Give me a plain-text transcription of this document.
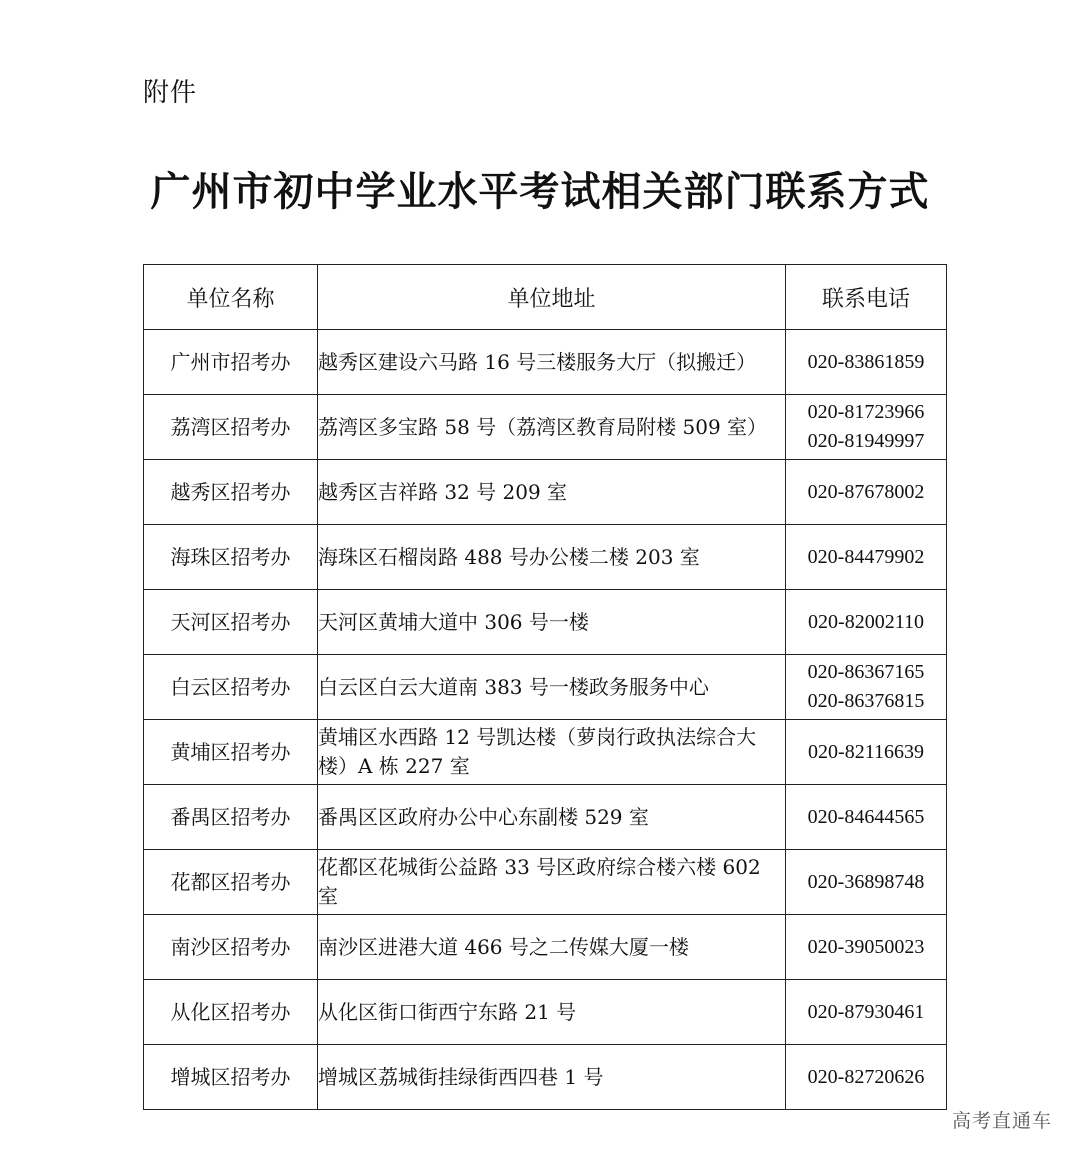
附件
广州市初中学业水平考试相关部门联系方式
单位名称	单位地址	联系电话
广州市招考办	越秀区建设六马路 16 号三楼服务大厅（拟搬迁）	020-83861859

荔湾区招考办	荔湾区多宝路 58 号（荔湾区教育局附楼 509 室）	020-81723966
020-81949997

越秀区招考办	越秀区吉祥路 32 号 209 室	020-87678002

海珠区招考办	海珠区石榴岗路 488 号办公楼二楼 203 室	020-84479902

天河区招考办	天河区黄埔大道中 306 号一楼	020-82002110

白云区招考办	白云区白云大道南 383 号一楼政务服务中心	020-86367165
020-86376815

黄埔区招考办	黄埔区水西路 12 号凯达楼（萝岗行政执法综合大楼）A 栋 227 室	020-82116639

番禺区招考办	番禺区区政府办公中心东副楼 529 室	020-84644565

花都区招考办	花都区花城街公益路 33 号区政府综合楼六楼 602 室	020-36898748

南沙区招考办	南沙区进港大道 466 号之二传媒大厦一楼	020-39050023

从化区招考办	从化区街口街西宁东路 21 号	020-87930461

增城区招考办	增城区荔城街挂绿街西四巷 1 号	020-82720626
高考直通车
